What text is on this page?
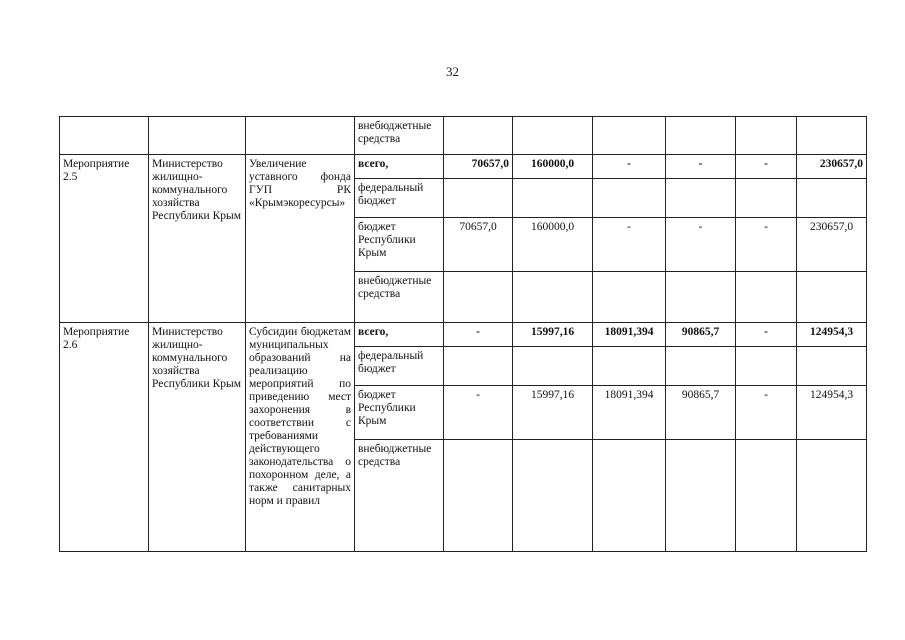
32
			внебюджетные средства						
Мероприятие 2.5	Министерство жилищно-коммунального хозяйства Республики Крым	Увеличение уставного фонда ГУП РК «Крымэкоресурсы»	всего,	70657,0	160000,0	-	-	-	230657,0
			федеральный бюджет						
			бюджет Республики Крым	70657,0	160000,0	-	-	-	230657,0
			внебюджетные средства						
Мероприятие 2.6	Министерство жилищно-коммунального хозяйства Республики Крым	Субсидии бюджетам муниципальных образований на реализацию мероприятий по приведению мест захоронения в соответствии с требованиями действующего законодательства о похоронном деле, а также санитарных норм и правил	всего,	-	15997,16	18091,394	90865,7	-	124954,3
			федеральный бюджет						
			бюджет Республики Крым	-	15997,16	18091,394	90865,7	-	124954,3
			внебюджетные средства						
